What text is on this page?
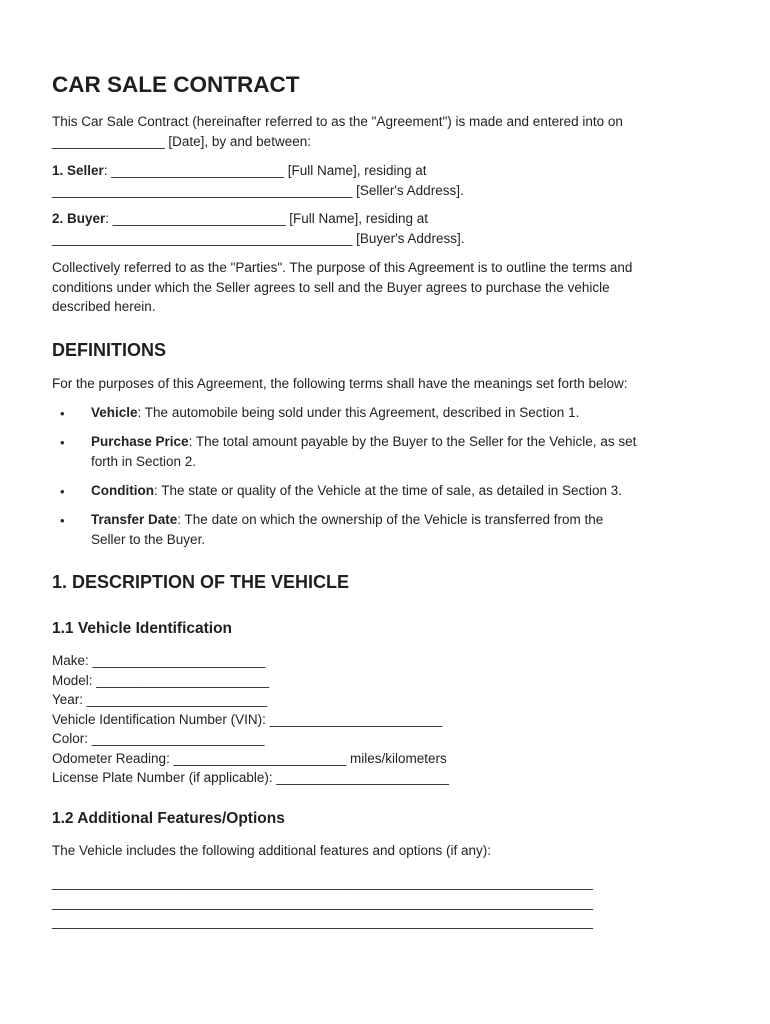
CAR SALE CONTRACT
This Car Sale Contract (hereinafter referred to as the "Agreement") is made and entered into on
_______________ [Date], by and between:
1. Seller: _______________________ [Full Name], residing at
________________________________________ [Seller's Address].
2. Buyer: _______________________ [Full Name], residing at
________________________________________ [Buyer's Address].
Collectively referred to as the "Parties". The purpose of this Agreement is to outline the terms and
conditions under which the Seller agrees to sell and the Buyer agrees to purchase the vehicle
described herein.
DEFINITIONS
For the purposes of this Agreement, the following terms shall have the meanings set forth below:
• Vehicle: The automobile being sold under this Agreement, described in Section 1.
• Purchase Price: The total amount payable by the Buyer to the Seller for the Vehicle, as set
forth in Section 2.
• Condition: The state or quality of the Vehicle at the time of sale, as detailed in Section 3.
• Transfer Date: The date on which the ownership of the Vehicle is transferred from the
Seller to the Buyer.
1. DESCRIPTION OF THE VEHICLE
1.1 Vehicle Identification
Make: _______________________
Model: _______________________
Year: ________________________
Vehicle Identification Number (VIN): _______________________
Color: _______________________
Odometer Reading: _______________________ miles/kilometers
License Plate Number (if applicable): _______________________
1.2 Additional Features/Options
The Vehicle includes the following additional features and options (if any):
__________________________________________________________________________
__________________________________________________________________________
__________________________________________________________________________
